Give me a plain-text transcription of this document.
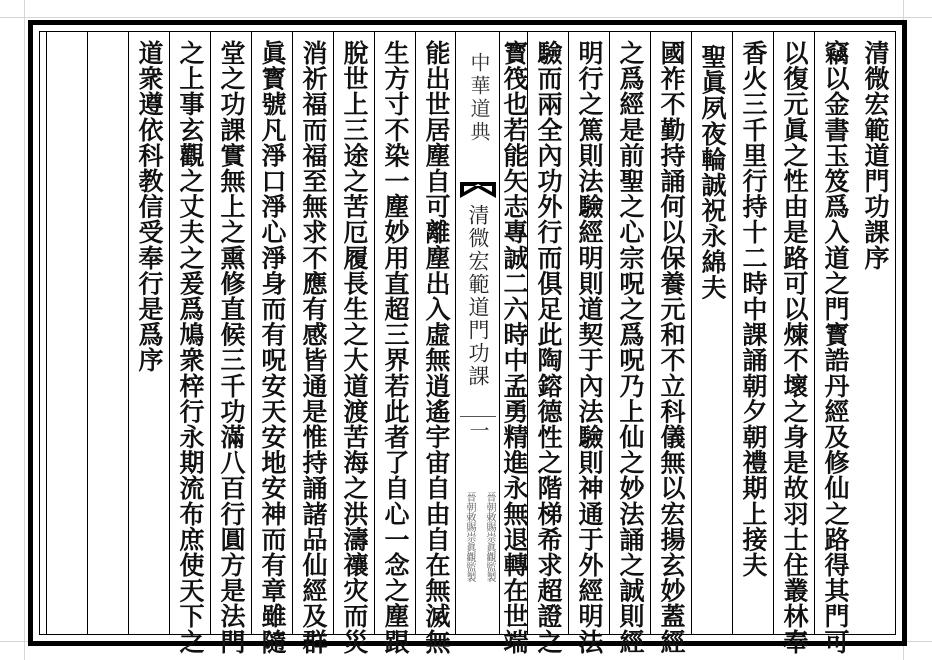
清微宏範道門功課序
竊以金書玉笈爲入道之門寳誥丹經及修仙之路得其門可
以復元眞之性由是路可以煉不壞之身是故羽士住叢林奉
香火三千里行持十二時中課誦朝夕朝禮期上接夫
聖眞夙夜輪誠祝永綿夫
國祚不勤持誦何以保養元和不立科儀無以宏揚玄妙蓋經
之爲經是前聖之心宗呪之爲呪乃上仙之妙法誦之誠則經
明行之篤則法驗經明則道契于內法驗則神通于外經明法
驗而兩全內功外行而俱足此陶鎔德性之階梯希求超證之
寳筏也若能矢志專誠二六時中孟勇精進永無退轉在世端
中華道典
清微宏範道門功課
一
晉朝敕賜崇眞觀監製
晉朝敕賜崇眞觀監製
能出世居塵自可離塵出入虛無逍遙宇宙自由自在無滅無
生方寸不染一塵妙用直超三界若此者了自心一念之塵跟
脫世上三途之苦厄履長生之大道渡苦海之洪濤禳灾而災
消祈福而福至無求不應有感皆通是惟持誦諸品仙經及群
眞寳號凡淨口淨心淨身而有呪安天安地安神而有章雖隨
堂之功課實無上之熏修直候三千功滿八百行圓方是法門
之上事玄觀之丈夫之爰爲鳩衆梓行永期流布庶使天下之
道衆遵依科教信受奉行是爲序
